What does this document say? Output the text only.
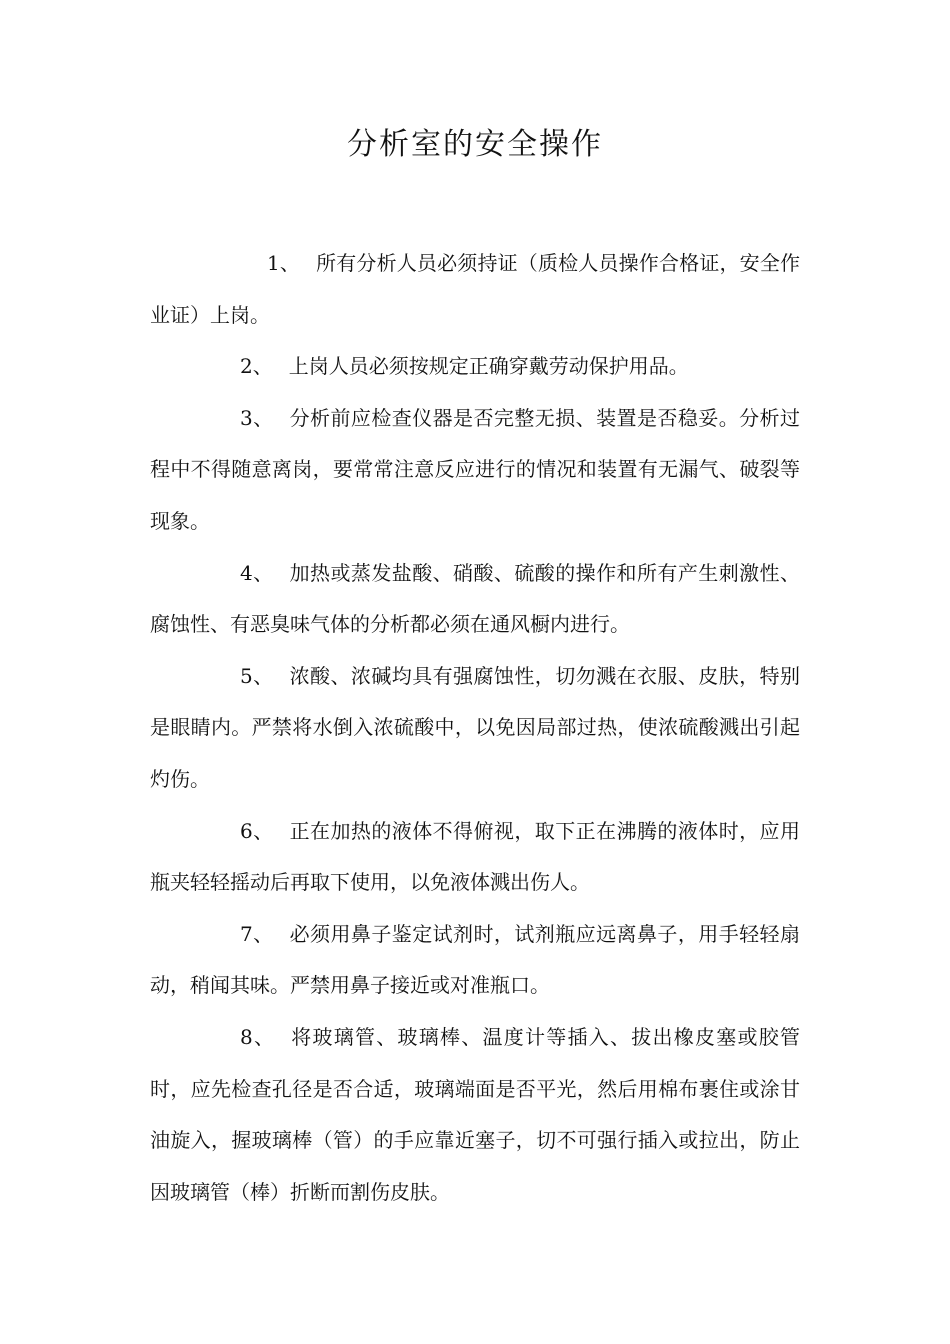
分析室的安全操作

1、 所有分析人员必须持证（质检人员操作合格证，安全作业证）上岗。

2、 上岗人员必须按规定正确穿戴劳动保护用品。

3、 分析前应检查仪器是否完整无损、装置是否稳妥。分析过程中不得随意离岗，要常常注意反应进行的情况和装置有无漏气、破裂等现象。

4、 加热或蒸发盐酸、硝酸、硫酸的操作和所有产生刺激性、腐蚀性、有恶臭味气体的分析都必须在通风橱内进行。

5、 浓酸、浓碱均具有强腐蚀性，切勿溅在衣服、皮肤，特别是眼睛内。严禁将水倒入浓硫酸中，以免因局部过热，使浓硫酸溅出引起灼伤。

6、 正在加热的液体不得俯视，取下正在沸腾的液体时，应用瓶夹轻轻摇动后再取下使用，以免液体溅出伤人。

7、 必须用鼻子鉴定试剂时，试剂瓶应远离鼻子，用手轻轻扇动，稍闻其味。严禁用鼻子接近或对准瓶口。

8、 将玻璃管、玻璃棒、温度计等插入、拔出橡皮塞或胶管时，应先检查孔径是否合适，玻璃端面是否平光，然后用棉布裹住或涂甘油旋入，握玻璃棒（管）的手应靠近塞子，切不可强行插入或拉出，防止因玻璃管（棒）折断而割伤皮肤。
